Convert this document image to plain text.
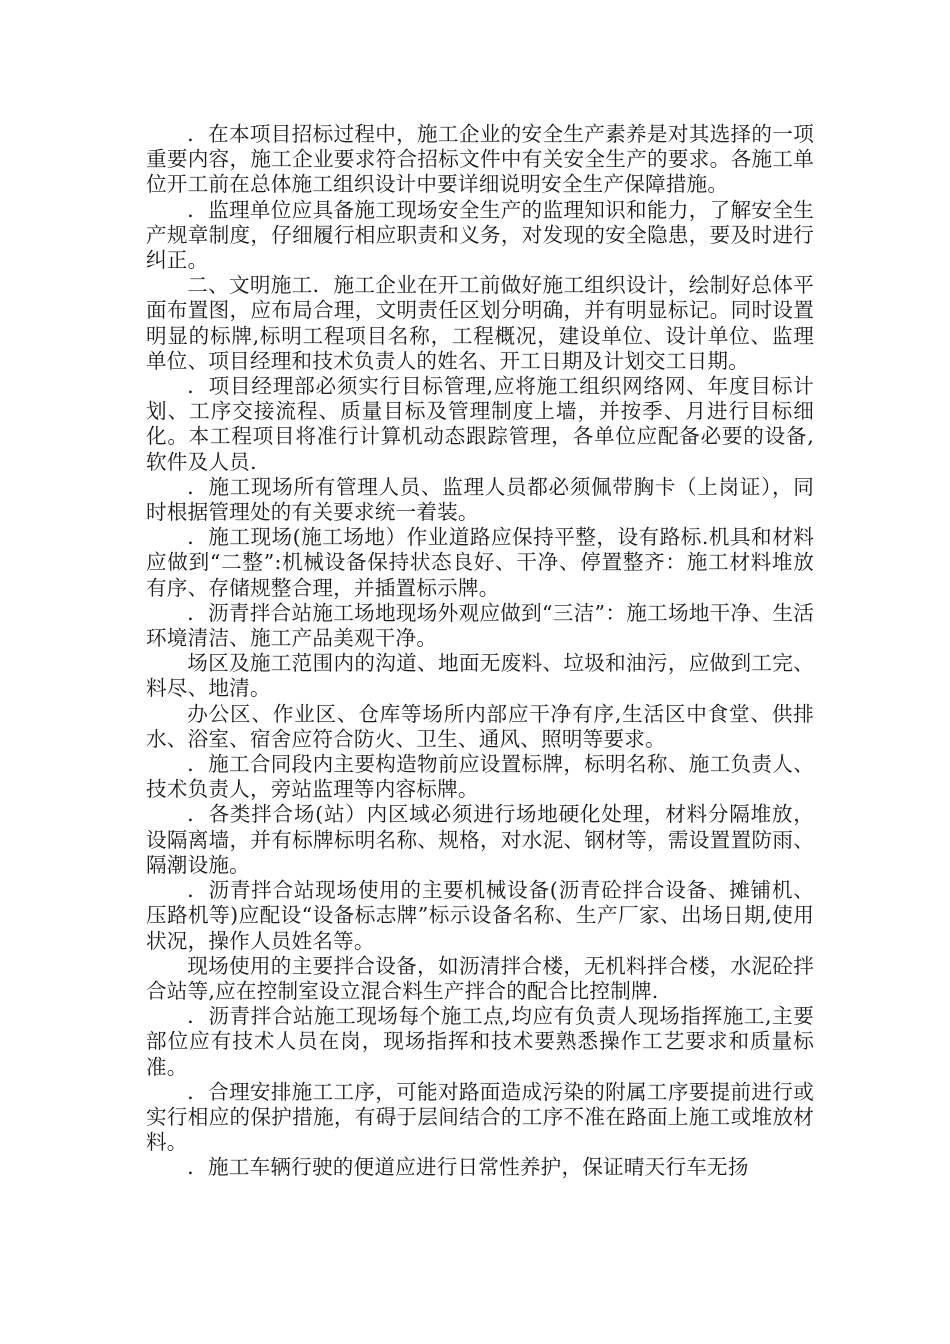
．在本项目招标过程中，施工企业的安全生产素养是对其选择的一项重要内容，施工企业要求符合招标文件中有关安全生产的要求。各施工单位开工前在总体施工组织设计中要详细说明安全生产保障措施。

．监理单位应具备施工现场安全生产的监理知识和能力，了解安全生产规章制度，仔细履行相应职责和义务，对发现的安全隐患，要及时进行纠正。

二、文明施工．施工企业在开工前做好施工组织设计，绘制好总体平面布置图，应布局合理，文明责任区划分明确，并有明显标记。同时设置明显的标牌,标明工程项目名称，工程概况，建设单位、设计单位、监理单位、项目经理和技术负责人的姓名、开工日期及计划交工日期。

．项目经理部必须实行目标管理,应将施工组织网络网、年度目标计划、工序交接流程、质量目标及管理制度上墙，并按季、月进行目标细化。本工程项目将准行计算机动态跟踪管理，各单位应配备必要的设备,软件及人员.

．施工现场所有管理人员、监理人员都必须佩带胸卡（上岗证），同时根据管理处的有关要求统一着装。

．施工现场(施工场地）作业道路应保持平整，设有路标.机具和材料应做到“二整”:机械设备保持状态良好、干净、停置整齐：施工材料堆放有序、存储规整合理，并插置标示牌。

．沥青拌合站施工场地现场外观应做到“三洁”：施工场地干净、生活环境清洁、施工产品美观干净。

场区及施工范围内的沟道、地面无废料、垃圾和油污，应做到工完、料尽、地清。

办公区、作业区、仓库等场所内部应干净有序,生活区中食堂、供排水、浴室、宿舍应符合防火、卫生、通风、照明等要求。

．施工合同段内主要构造物前应设置标牌，标明名称、施工负责人、技术负责人，旁站监理等内容标牌。

．各类拌合场(站）内区域必须进行场地硬化处理，材料分隔堆放，设隔离墙，并有标牌标明名称、规格，对水泥、钢材等，需设置置防雨、隔潮设施。

．沥青拌合站现场使用的主要机械设备(沥青砼拌合设备、摊铺机、压路机等)应配设“设备标志牌”标示设备名称、生产厂家、出场日期,使用状况，操作人员姓名等。

现场使用的主要拌合设备，如沥清拌合楼，无机料拌合楼，水泥砼拌合站等,应在控制室设立混合料生产拌合的配合比控制牌.

．沥青拌合站施工现场每个施工点,均应有负责人现场指挥施工,主要部位应有技术人员在岗，现场指挥和技术要熟悉操作工艺要求和质量标准。

．合理安排施工工序，可能对路面造成污染的附属工序要提前进行或实行相应的保护措施，有碍于层间结合的工序不准在路面上施工或堆放材料。

．施工车辆行驶的便道应进行日常性养护，保证晴天行车无扬
